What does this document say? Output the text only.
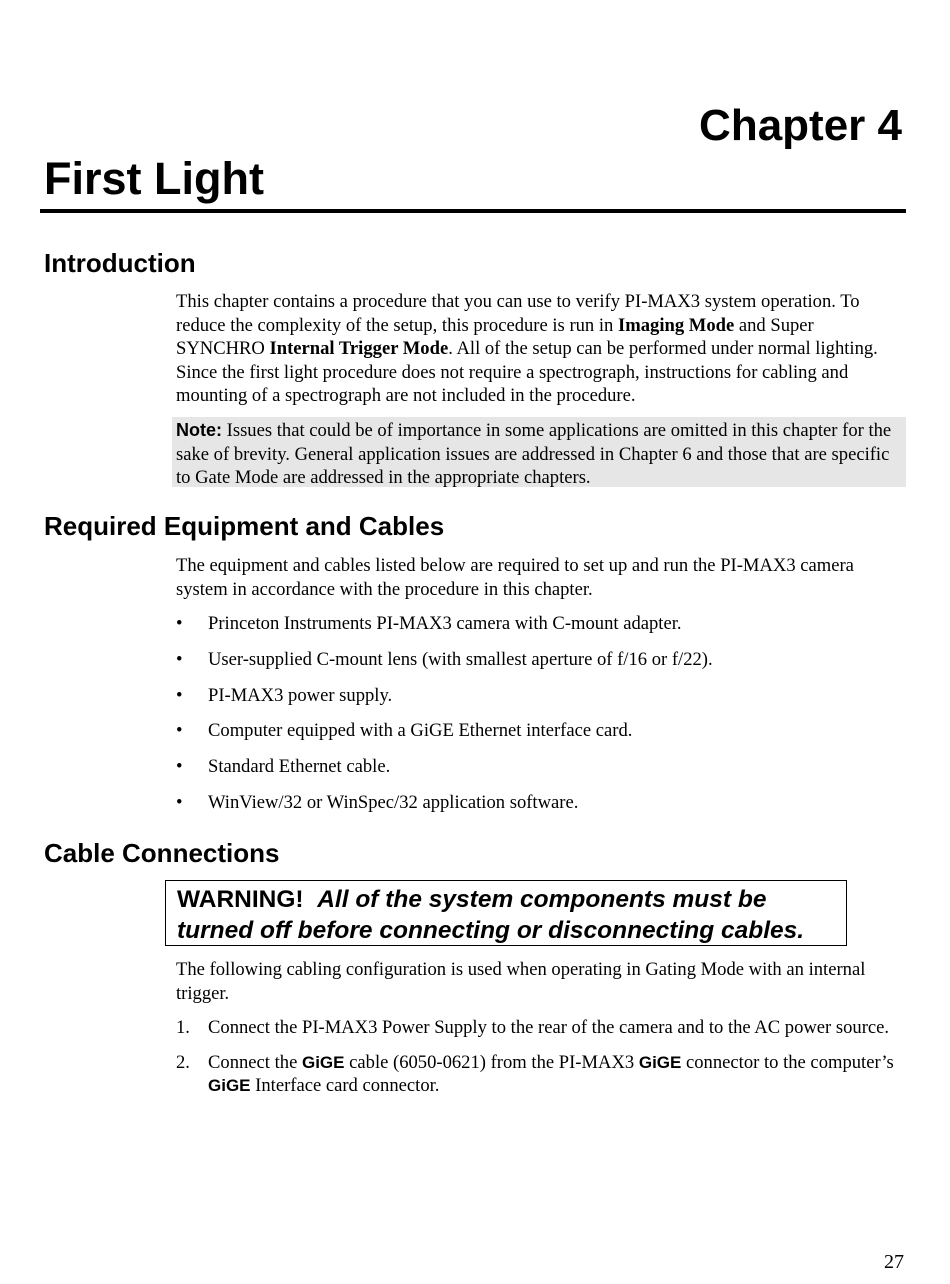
Chapter 4
First Light
Introduction

This chapter contains a procedure that you can use to verify PI-MAX3 system operation. To reduce the complexity of the setup, this procedure is run in Imaging Mode and Super SYNCHRO Internal Trigger Mode. All of the setup can be performed under normal lighting. Since the first light procedure does not require a spectrograph, instructions for cabling and mounting of a spectrograph are not included in the procedure.

Note: Issues that could be of importance in some applications are omitted in this chapter for the sake of brevity. General application issues are addressed in Chapter 6 and those that are specific to Gate Mode are addressed in the appropriate chapters.
Required Equipment and Cables

The equipment and cables listed below are required to set up and run the PI-MAX3 camera system in accordance with the procedure in this chapter.

• Princeton Instruments PI-MAX3 camera with C-mount adapter.
• User-supplied C-mount lens (with smallest aperture of f/16 or f/22).
• PI-MAX3 power supply.
• Computer equipped with a GiGE Ethernet interface card.
• Standard Ethernet cable.
• WinView/32 or WinSpec/32 application software.
Cable Connections
WARNING! All of the system components must be turned off before connecting or disconnecting cables.

The following cabling configuration is used when operating in Gating Mode with an internal trigger.

1. Connect the PI-MAX3 Power Supply to the rear of the camera and to the AC power source.
2. Connect the GiGE cable (6050-0621) from the PI-MAX3 GiGE connector to the computer’s GiGE Interface card connector.
27
